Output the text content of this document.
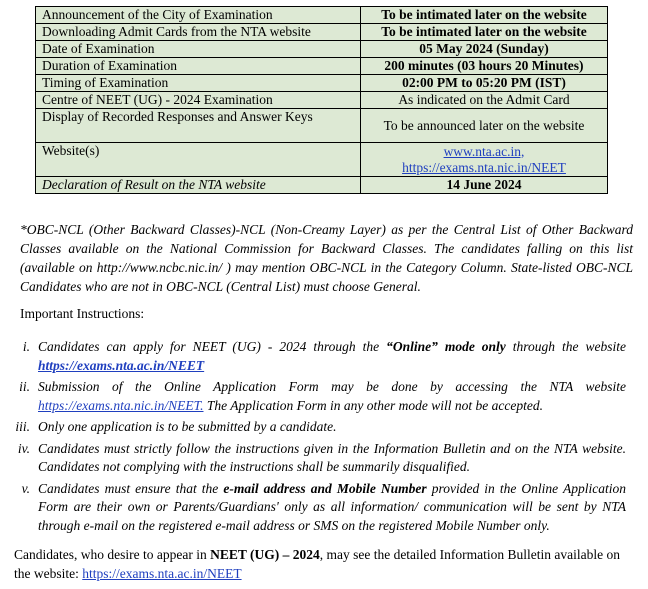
Announcement of the City of Examination	To be intimated later on the website
Downloading Admit Cards from the NTA website	To be intimated later on the website
Date of Examination	05 May 2024 (Sunday)
Duration of Examination	200 minutes (03 hours 20 Minutes)
Timing of Examination	02:00 PM to 05:20 PM (IST)
Centre of NEET (UG) - 2024 Examination	As indicated on the Admit Card
Display of Recorded Responses and Answer Keys	To be announced later on the website
Website(s)	www.nta.ac.in,
https://exams.nta.nic.in/NEET
Declaration of Result on the NTA website	14 June 2024
*OBC-NCL (Other Backward Classes)-NCL (Non-Creamy Layer) as per the Central List of Other Backward Classes available on the National Commission for Backward Classes. The candidates falling on this list (available on http://www.ncbc.nic.in/ ) may mention OBC-NCL in the Category Column. State-listed OBC-NCL Candidates who are not in OBC-NCL (Central List) must choose General.
Important Instructions:
i. Candidates can apply for NEET (UG) - 2024 through the “Online” mode only through the website https://exams.nta.ac.in/NEET
ii. Submission of the Online Application Form may be done by accessing the NTA website https://exams.nta.nic.in/NEET. The Application Form in any other mode will not be accepted.
iii. Only one application is to be submitted by a candidate.
iv. Candidates must strictly follow the instructions given in the Information Bulletin and on the NTA website. Candidates not complying with the instructions shall be summarily disqualified.
v. Candidates must ensure that the e-mail address and Mobile Number provided in the Online Application Form are their own or Parents/Guardians' only as all information/ communication will be sent by NTA through e-mail on the registered e-mail address or SMS on the registered Mobile Number only.
Candidates, who desire to appear in NEET (UG) – 2024, may see the detailed Information Bulletin available on the website: https://exams.nta.ac.in/NEET
